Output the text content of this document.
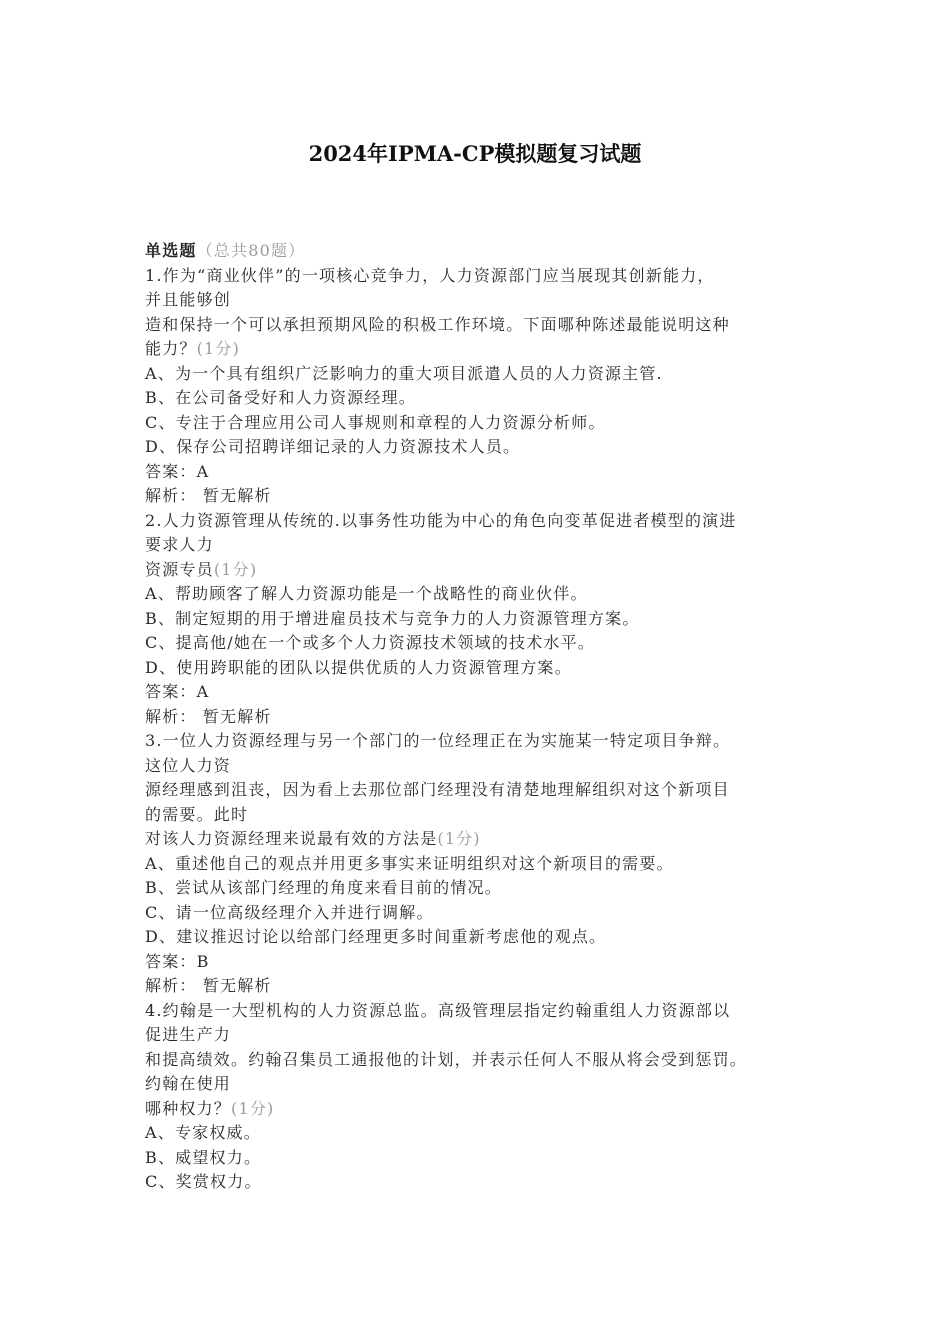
2024年IPMA-CP模拟题复习试题
单选题（总共80题）
1.作为“商业伙伴”的一项核心竞争力，人力资源部门应当展现其创新能力，
并且能够创
造和保持一个可以承担预期风险的积极工作环境。下面哪种陈述最能说明这种
能力？(1分)
A、为一个具有组织广泛影响力的重大项目派遣人员的人力资源主管.
B、在公司备受好和人力资源经理。
C、专注于合理应用公司人事规则和章程的人力资源分析师。
D、保存公司招聘详细记录的人力资源技术人员。
答案：A
解析： 暂无解析
2.人力资源管理从传统的.以事务性功能为中心的角色向变革促进者模型的演进
要求人力
资源专员(1分)
A、帮助顾客了解人力资源功能是一个战略性的商业伙伴。
B、制定短期的用于增进雇员技术与竞争力的人力资源管理方案。
C、提高他/她在一个或多个人力资源技术领域的技术水平。
D、使用跨职能的团队以提供优质的人力资源管理方案。
答案：A
解析： 暂无解析
3.一位人力资源经理与另一个部门的一位经理正在为实施某一特定项目争辩。
这位人力资
源经理感到沮丧，因为看上去那位部门经理没有清楚地理解组织对这个新项目
的需要。此时
对该人力资源经理来说最有效的方法是(1分)
A、重述他自己的观点并用更多事实来证明组织对这个新项目的需要。
B、尝试从该部门经理的角度来看目前的情况。
C、请一位高级经理介入并进行调解。
D、建议推迟讨论以给部门经理更多时间重新考虑他的观点。
答案：B
解析： 暂无解析
4.约翰是一大型机构的人力资源总监。高级管理层指定约翰重组人力资源部以
促进生产力
和提高绩效。约翰召集员工通报他的计划，并表示任何人不服从将会受到惩罚。
约翰在使用
哪种权力？(1分)
A、专家权威。
B、威望权力。
C、奖赏权力。
